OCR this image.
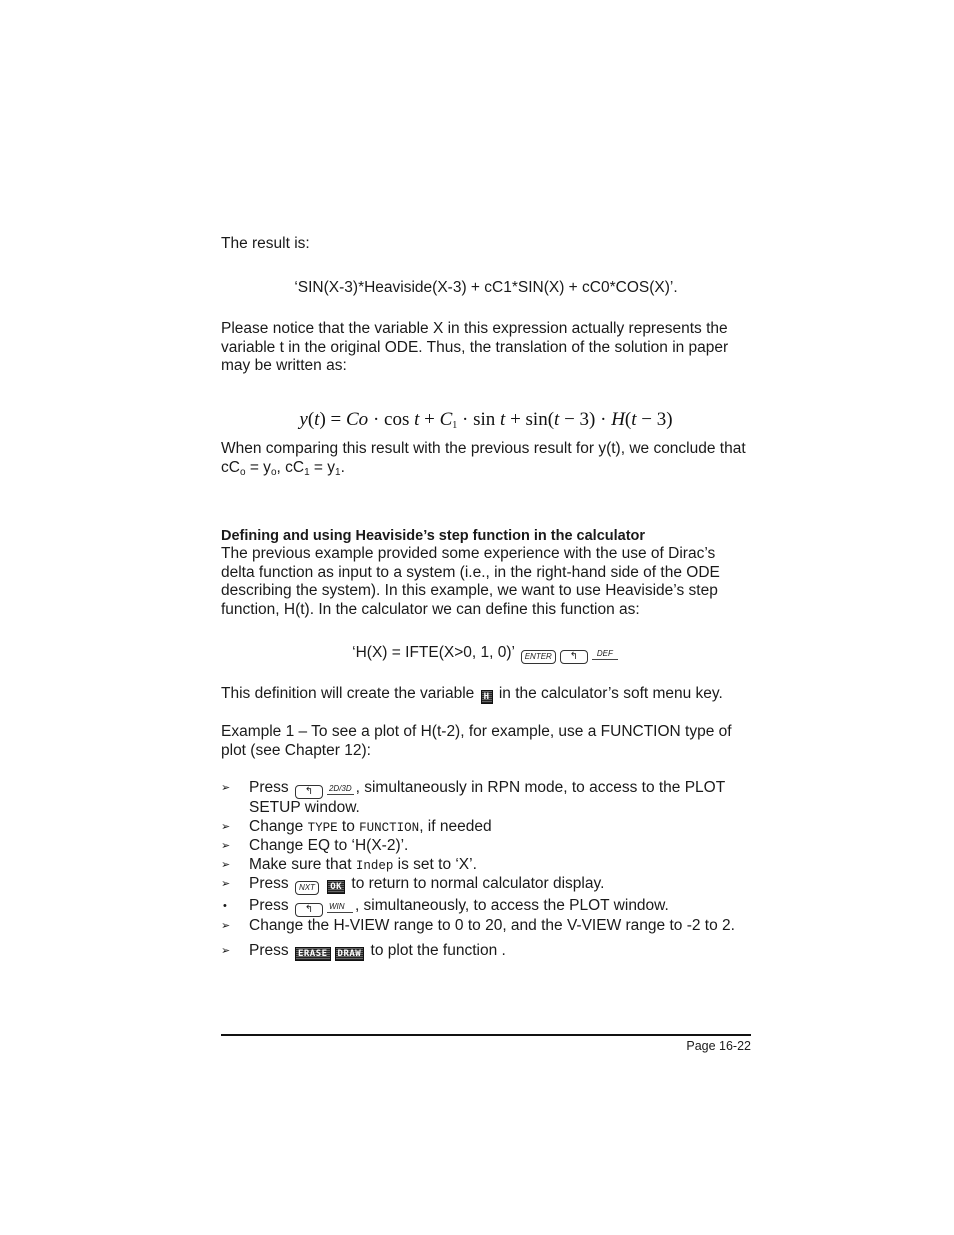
The result is:
‘SIN(X-3)*Heaviside(X-3) + cC1*SIN(X) + cC0*COS(X)’.
Please notice that the variable X in this expression actually represents the variable t in the original ODE. Thus, the translation of the solution in paper may be written as:
$y(t) = Co \cdot \cos t + C_1 \cdot \sin t + \sin(t - 3) \cdot H(t - 3)$
When comparing this result with the previous result for y(t), we conclude that
$cC_o = y_o$, $cC_1 = y_1$.
Defining and using Heaviside’s step function in the calculator
The previous example provided some experience with the use of Dirac’s delta function as input to a system (i.e., in the right-hand side of the ODE describing the system). In this example, we want to use Heaviside’s step function, H(t). In the calculator we can define this function as:
‘H(X) = IFTE(X>0, 1, 0)’ ENTER ↰ DEF
This definition will create the variable H in the calculator’s soft menu key.
Example 1 – To see a plot of H(t-2), for example, use a FUNCTION type of plot (see Chapter 12):
➢	Press ↰ 2D/3D , simultaneously in RPN mode, to access to the PLOT SETUP window.
➢	Change TYPE to FUNCTION, if needed
➢	Change EQ to ‘H(X-2)’.
➢	Make sure that Indep is set to ‘X’.
➢	Press NXT OK to return to normal calculator display.
•	Press ↰ WIN , simultaneously, to access the PLOT window.
➢	Change the H-VIEW range to 0 to 20, and the V-VIEW range to -2 to 2.
➢	Press ERASE DRAW to plot the function .
Page 16-22
